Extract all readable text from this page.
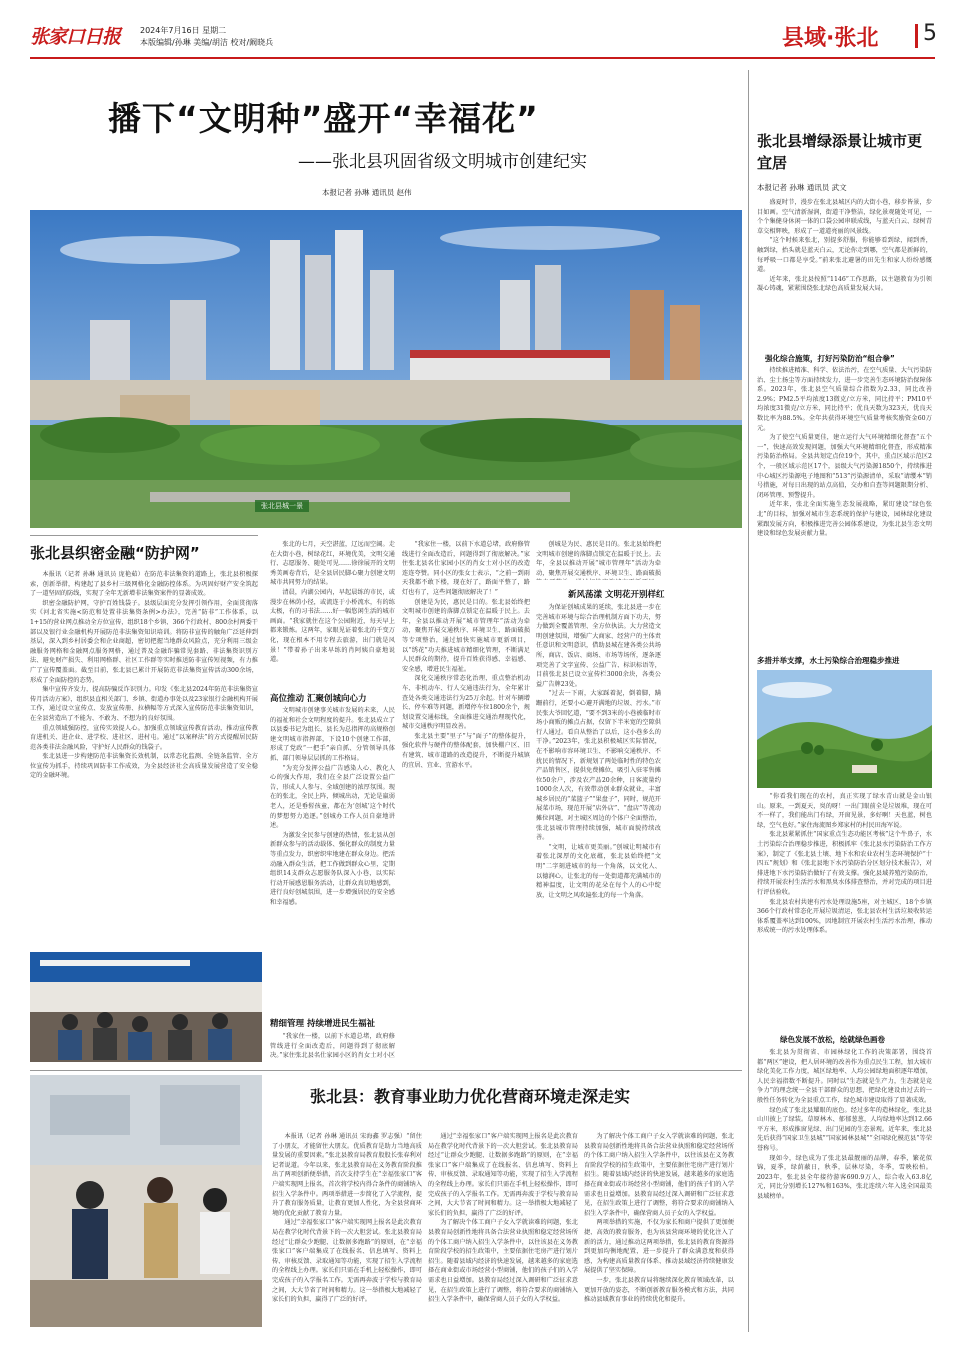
张家口日报 2024年7月16日 星期二
本版编辑/孙琳 美编/胡洁 校对/阚晓兵	县域·张北 5
播下“文明种”盛开“幸福花”
——张北县巩固省级文明城市创建纪实
本报记者 孙琳 通讯员 赵伟
张北县城一景

张北的七月，天空湛蓝，辽远而空阔。走在大街小巷，树绿花红，环境优美，文明交通行、志愿服务、随处可见……徐徐展开的文明秀美画卷背后，是全县居民脚心聚力创建文明城市共同努力的结果。

清晨，内湖公园内，早起晨练的市民，或漫步在林荫小径，或流连于小桥流水，有的练太极，有的习书法……好一幅悠闲生活的城市画面。“我家就住在这个公园附近，每天早上都来锻炼。这两年，家眼见证着张北的千变万化，现在根本不用专程去旅游，出门就是风景！”带着孙子出来早练的肖阿姨自豪地说道。

高位推动 汇聚创城向心力

文明城市创建事关城市发展的未来，人民的福祉和社会文明程度的提升。张北县成立了以县委书记为组长、县长为总指挥的高规格创建文明城市指挥部，下设10个创建工作部，形成了党政“一把手”亲自抓、分管领导具体抓、部门领导层层抓的工作格局。

“为充分发挥公益广告感染人心、教化人心的强大作用，我们在全县广泛设置公益广告，形成人人参与、全域创建的浓厚氛围。现在的张北，全民上阵，倾城出动，无论是羸弱老人，还是垂髫孩童，都在为‘创城’这个时代的梦想努力追逐。”创城办工作人员自豪地讲述。

为激发全民参与创建的热情，张北县从创新群众参与的活动载体、强化群众的制度力量等重点发力，织密织牢地建在群众身边。把活动融入群众生活，把工作做到群众心里，定期组织14支群众志愿服务队深入小巷，以实际行动开展感恩服务活动，让群众真切地感到，进行良好创城氛围，进一步增强居民的安全感和幸福感。

精细管理 持续增进民生福祉

“我家住一楼，以前下水道总堵，政府修管线进行全面改造后，问题得到了彻底解决。”家住张北县名仕家园小区的肖女士对小区

“我家住一楼，以前下水道总堵，政府修管线进行全面改造后，问题得到了彻底解决。”家住张北县名仕家园小区的肖女士对小区的改造连连夸赞。同小区的张女士表示，“之前一到雨天我都不敢下楼，现在好了，路面平整了，路灯也有了，这些问题彻底解决了！”

创建是为民，惠民是目的。张北县始终把文明城市创建的落脚点锁定在温暖于民上。去年，全县以推动开展“城市管理年”活动为牵动，聚焦开展交通秩序、环境卫生、路面破损等专项整治，通过加快实施城市更新项目，以“绣花”功夫推进城市精细化管理，不断满足人民群众的期待，提升百姓获得感、幸福感、安全感，增进民生福祉。

深化交通秩序常态化治理，重点整治机动车、非机动车、行人交通违法行为，全年累计查处各类交通违法行为25万余起。针对车辆增长、停车难等问题，新增停车位1800余个，规划设置交通标线，全面推进交通治理现代化，城市交通秩序明显改善。

张北县主要“里子”与“面子”的整体提升，强化软件与硬件的整体配套，加快棚户区、旧有建筑、城市道路的改造提升，不断提升城镇的宜居、宜业、宜游水平。

创城是为民、惠民是目的。张北县始终把文明城市创建的落脚点锁定在温暖于民上。去年，全县以推动开展“城市管理年”活动为牵动，聚焦开展交通秩序、环境卫生、路面破损

新风荡漾 文明花开别样红

为保证创城成果的延续，张北县进一步在完善城市环境与综合治理机制方面下功夫，努力做到全覆盖管理、全方位执法。大力营造文明创建氛围，增强广大商家、经营户的主体责任意识和文明意识，借助县城在建各类公共场所，商店、饭店、商场、市场等场所，逐条逐项完善了文字宣传、公益广告、标识标语等，目前张北县已设立宣传栏3000余块，各类公益广告牌23处。

“过去一下雨，大家踩着泥，倒着脚，蹒跚前行，还要小心避开满地的垃圾、污水。”市民张大爷回忆道，“要不到3米的小巷被临时市场小商贩的摊点占据，仅留下半米宽的空隙供行人通过。看自从整治了以后，这小巷多么的干净。”2023年，张北县积极城区实际情况，在不影响市容环境卫生、不影响交通秩序、不扰民的情况下，新规划了两处临时性的特色农产品销售区，提供免费摊位，吸引入驻零售摊位50余户，涉及农产品20余种，日客流量约1000余人次，有效带动创业群众就业，丰富城乡居民的“菜篮子”“果盘子”，同时，规范开展菜市场，现范开展“店外店”、“盘店”等流动摊位问题，对主城区周边的个体户全面整治，张北县城市管理持续加强，城市面貌持续改善。

“文明，让城市更美丽。”创城让明城市有着张北深厚的文化底蕴，张北县始终把“文明”二字刻进城市的每一个角落，以文化人、以德润心，让张北的每一处街道都充满城市的精神温度，让文明的花朵在每个人的心中绽放，让文明之风吹遍张北的每一个角落。

张北县织密金融“防护网”

本报讯（记者 孙琳 通讯员 庞艳茹）在防范非法集资的道路上，张北县积极探索，创新举措，构建起了县乡村三级网格化金融防控体系。为巩固好财产安全筑起了一道坚固的防线，实现了全年无新增非法集资案件的显著成效。

织密金融防护网，守护百姓钱袋子。县级层面充分发挥引领作用，全面贯彻落实《河北省实施<防范和处置非法集资条例>办法》，完善“防非”工作体系，以1+15的营业网点推动全方位宣传，组织18个乡镇、366个行政村、800余村两委干部以及银行业金融机构开展防范非法集资知识培训。将防非宣传的触角广泛延伸到基层，深入到乡村居委会和企业商超，密切把握当地群众风险点，充分利用三级金融服务网格和金融网点服务网格，通过普及金融诈骗常见套路、非法集资识别方法、避免财产损失、利用网格群、社区工作群等实时推送防非宣传短视频，有力推广了宣传覆盖面。截至目前，张北县已累计开展防范非法集资宣传活动300余场，形成了全面防控的态势。

集中宣传齐发力，提高防骗反诈识别力。印发《张北县2024年防范非法集资宣传月活动方案》，组织县直相关部门、乡镇、街道办事处以及23家银行金融机构开展工作，通过设立宣传点、发放宣传册、拉横幅等方式深入宣传防范非法集资知识，在全县营造出了不能为、不敢为、不想为的良好氛围。

重点领域强防控，宣传实效提人心。加强重点领域宣传教育活动，推动宣传教育进机关、进企业、进学校、进社区、进村屯。通过“以案释法”的方式提醒居民防范各类非法金融风险，守护好人民群众的钱袋子。

张北县进一步构建防范非法集资长效机制，以常态化监测、全链条监管、全方位宣传为抓手，持续巩固防非工作成效，为全县经济社会高质量发展营造了安全稳定的金融环境。

张北县：教育事业助力优化营商环境走深走实

本报讯（记者 孙琳 通讯员 宋海鑫 罗志强）“留住了小朋友，才能留住大朋友。优质教育是助力当地高质量发展的重要因素。”张北县教育局教育股股长张春利对记者说道。今年以来，张北县教育局在义务教育阶段推出了两项创新便举措，首次支持学生在“幸福张家口”客户端实现网上报名，首次将学校内得合条件的商铺纳入招生入学条件中。两项举措进一步简化了入学流程，提升了教育服务质量，让教育更加人性化，为全县营商环境的优化贡献了教育力量。

通过“幸福张家口”客户端实现网上报名是此次教育局在教学化时代背景下的一次大胆尝试。张北县教育局经过“让群众少跑腿、让数据多跑路”的原则，在“幸福张家口”客户端集成了在线报名、信息填写、资料上传、审核反馈、录取通知等功能，实现了招生入学流程的全程线上办理。家长们只需在手机上轻松操作，即可完成孩子的入学报名工作。无需再奔波于学校与教育局之间，大大节省了时间和精力。这一举措极大地减轻了家长们的负担，赢得了广泛的好评。

通过“幸福张家口”客户端实现网上报名是此次教育局在教学化时代背景下的一次大胆尝试。张北县教育局经过“让群众少跑腿、让数据多跑路”的原则，在“幸福张家口”客户端集成了在线报名、信息填写、资料上传、审核反馈、录取通知等功能，实现了招生入学流程的全程线上办理。家长们只需在手机上轻松操作，即可完成孩子的入学报名工作。无需再奔波于学校与教育局之间，大大节省了时间和精力。这一举措极大地减轻了家长们的负担，赢得了广泛的好评。

为了解决个体工商户子女入学就读难的问题，张北县教育局创新性地将具备合法营业执照和稳定经营场所的个体工商户纳入招生入学条件中，以往该县在义务教育阶段学校的招生政策中，主要依据住宅房产进行划片招生。随着县域内经济的快速发展，越来越多的家庭选择在商业街或市场经营小型商铺，他们的孩子们的入学需求也日益增加。县教育局经过深入调研和广泛征求意见，在招生政策上进行了调整，将符合要求的商铺纳入招生入学条件中，确保营商人员子女的入学权益。

为了解决个体工商户子女入学就读难的问题，张北县教育局创新性地将具备合法营业执照和稳定经营场所的个体工商户纳入招生入学条件中，以往该县在义务教育阶段学校的招生政策中，主要依据住宅房产进行划片招生。随着县域内经济的快速发展，越来越多的家庭选择在商业街或市场经营小型商铺，他们的孩子们的入学需求也日益增加。县教育局经过深入调研和广泛征求意见，在招生政策上进行了调整，将符合要求的商铺纳入招生入学条件中，确保营商人员子女的入学权益。

两项举措的实施，不仅为家长和商户提供了更加便捷、高效的教育服务，也为该县营商环境的优化注入了新的活力，通过推动这两项举措，张北县的教育资源得到更加均衡地配置，进一步提升了群众满意度和获得感，为构建高质量教育体系、推动县域经济持续健康发展提供了坚实保障。

一步，张北县教育局将继续深化教育领域改革，以更加开放的姿态，不断创新教育服务模式和方法，共同推动县域教育事业的持续优化和提升。

张北县增绿添景让城市更宜居
本报记者 孙琳 通讯员 武文

盛夏时节，漫步在张北县城区内的大街小巷，移步皆景，步目如画。空气清新湿润，街道干净整洁，绿化景观随处可见，一个个集健身休闲一体的口袋公园串联成线，与蓝天白云、绿树青草交相辉映，形成了一道道亮丽的风景线。

“这个时候来张北，别提多舒服，你能够看到绿，闻到香，触到绿，抬头就是蓝天白云，无论你走到哪，空气都是新鲜的，每呼吸一口都是享受。”前来张北避暑的田先生和家人纷纷感慨道。

近年来，张北县按照“1146”工作思路，以主题教育为引领凝心铸魂，紧紧围绕张北绿色高质量发展大局。

强化综合施策，打好污染防治“组合拳”

持续推进精准、科学、依法治污，在空气质量、大气污染防治、尘土扬尘等方面持续发力，进一步完善生态环境防治保障体系。2023年，张北县空气质量综合指数为2.33，同比改善2.9%；PM2.5平均浓度13微克/立方米，同比持平；PM10平均浓度31微克/立方米，同比持平；优良天数为323天，优良天数比率为88.5%。全年共获得环境空气质量考核奖励资金60万元。

为了使空气质量更佳，建立运行大气环境精细化督查“五个一”，快速高效发现问题，加强大气环境精细化督查，形成精准污染防治格局。全县共划定点位19个，其中，重点区域示范区2个，一般区域示范区17个，县级大气污染源1850个，持续推进中心城区污染源电子地图和“513”污染源清单，采取“请缨本”销号措施，对每日出现的站点高值，交办和自查等问题限期分析、闭环管理、预警提升。

近年来，张北全面实施生态发展战略，紧盯建设“绿色张北”的目标，加强对城市生态系统的保护与建设，园林绿化建设紧跟发展方向，积极推进完善公园体系建设，为张北县生态文明建设和绿色发展贡献力量。

多措并举支撑，水土污染综合治理稳步推进

“你看我们现在的农村，真正实现了绿水青山就是金山银山。原来，一到夏天，臭的呀！一出门眼前全是垃圾堆，现在可不一样了，我们能出门有绿，开窗见景，多好啊！天也蓝，树也绿，空气也好。”家住海流图乡郑家村的村民田海军说。

张北县紧紧抓住“国家重点生态功能区考核”这个牛鼻子，水土污染综合治理稳步推进，积极抓牢《张北县水污染防治工作方案》，制定了《张北县土壤、地下水和农业农村生态环境保护“十四五”规划》和《张北县地下水污染防治分区划分技术报告》，对排进地下水污染防治做好了有效支撑。强化县域养殖污染防治，持续开展农村生活污水和黑臭水体排查整治，并对完成的项目进行评估验收。

张北县农村共建有污水处理设施5座，对主城区、18个乡镇366个行政村常态化开展垃圾清运，张北县农村生活垃圾收转运体系覆盖率达到100%，因地制宜开展农村生活污水治理，推动形成统一的污水处理体系。

绿色发展不放松，绘就绿色画卷

张北县为贯彻省、市园林绿化工作的决策部署，围绕首都“两区”建设，把人居环境的改善作为重点民生工程，加大城市绿化美化工作力度，城区绿地率、人均公园绿地面积逐年增加，人民幸福指数不断提升。同时以“生态就是生产力，生态就是竞争力”的理念统一全县干部群众的思想，把绿化建设由过去的一般性任务转化为全县重点工作，绿色城市建设取得了显著成效。

绿色成了张北县耀眼的底色。经过多年的造林绿化，张北县山川披上了绿装。草原林木、郁郁葱葱，人均绿地率达到12.66平方米，形成推窗见绿、出门见园的生态景观。近年来，张北县先后获得“国家卫生县城”“国家园林县城”“全国绿化模范县”等荣誉称号。

现如今，绿色成为了张北县最靓丽的品牌，春季，繁花似锦，夏季，绿荫蔽日，秋季，层林尽染，冬季，雪映松柏。2023年，张北县全年接待游客690.9万人，综合收入63.8亿元，同比分别增长127%和163%，张北连续六年入选全国最美县域榜单。
